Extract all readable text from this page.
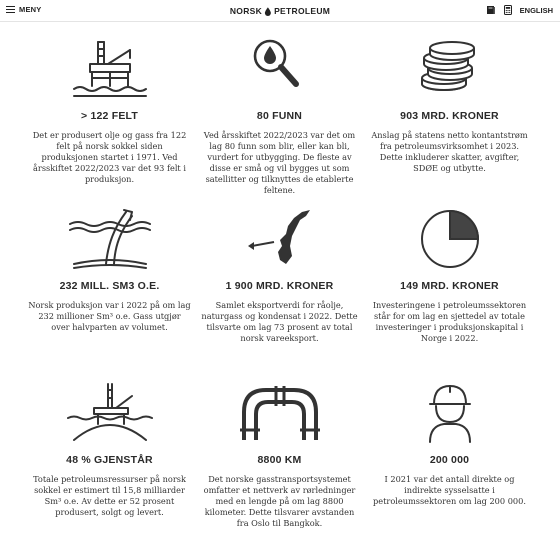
MENY	NORSK PETROLEUM	ENGLISH
> 122 FELT

Det er produsert olje og gass fra 122 felt på norsk sokkel siden produksjonen startet i 1971. Ved årsskiftet 2022/2023 var det 93 felt i produksjon.

80 FUNN

Ved årsskiftet 2022/2023 var det om lag 80 funn som blir, eller kan bli, vurdert for utbygging. De fleste av disse er små og vil bygges ut som satellitter og tilknyttes de etablerte feltene.

903 MRD. KRONER

Anslag på statens netto kontantstrøm fra petroleumsvirksomhet i 2023. Dette inkluderer skatter, avgifter, SDØE og utbytte.

232 MILL. SM3 O.E.

Norsk produksjon var i 2022 på om lag 232 millioner Sm³ o.e. Gass utgjør over halvparten av volumet.

1 900 MRD. KRONER

Samlet eksportverdi for råolje, naturgass og kondensat i 2022. Dette tilsvarte om lag 73 prosent av total norsk vareeksport.

149 MRD. KRONER

Investeringene i petroleumssektoren står for om lag en sjettedel av totale investeringer i produksjonskapital i Norge i 2022.

48 % GJENSTÅR

Totale petroleumsressurser på norsk sokkel er estimert til 15,8 milliarder Sm³ o.e. Av dette er 52 prosent produsert, solgt og levert.

8800 KM

Det norske gasstransportsystemet omfatter et nettverk av rørledninger med en lengde på om lag 8800 kilometer. Dette tilsvarer avstanden fra Oslo til Bangkok.

200 000

I 2021 var det antall direkte og indirekte sysselsatte i petroleumssektoren om lag 200 000.
